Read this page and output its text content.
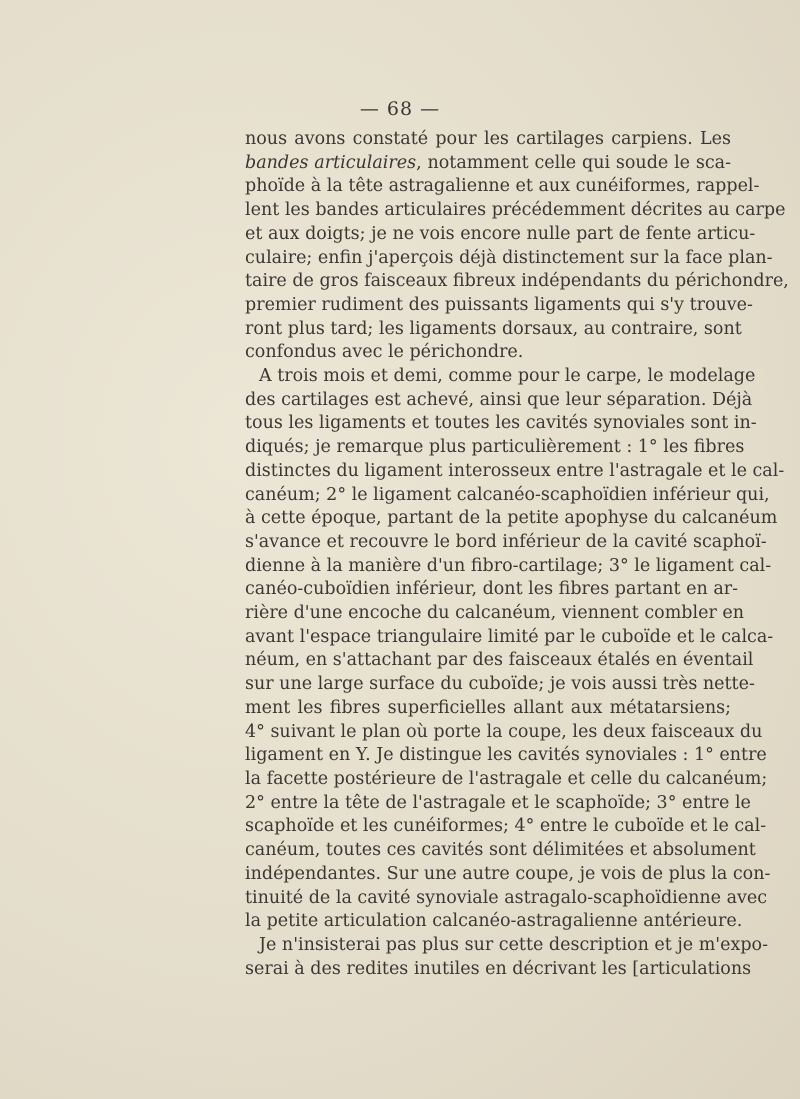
— 68 —
nous avons constaté pour les cartilages carpiens. Les
bandes articulaires, notamment celle qui soude le sca-
phoïde à la tête astragalienne et aux cunéiformes, rappel-
lent les bandes articulaires précédemment décrites au carpe
et aux doigts; je ne vois encore nulle part de fente articu-
culaire; enfin j'aperçois déjà distinctement sur la face plan-
taire de gros faisceaux fibreux indépendants du périchondre,
premier rudiment des puissants ligaments qui s'y trouve-
ront plus tard; les ligaments dorsaux, au contraire, sont
confondus avec le périchondre.
A trois mois et demi, comme pour le carpe, le modelage
des cartilages est achevé, ainsi que leur séparation. Déjà
tous les ligaments et toutes les cavités synoviales sont in-
diqués; je remarque plus particulièrement : 1° les fibres
distinctes du ligament interosseux entre l'astragale et le cal-
canéum; 2° le ligament calcanéo-scaphoïdien inférieur qui,
à cette époque, partant de la petite apophyse du calcanéum
s'avance et recouvre le bord inférieur de la cavité scaphoï-
dienne à la manière d'un fibro-cartilage; 3° le ligament cal-
canéo-cuboïdien inférieur, dont les fibres partant en ar-
rière d'une encoche du calcanéum, viennent combler en
avant l'espace triangulaire limité par le cuboïde et le calca-
néum, en s'attachant par des faisceaux étalés en éventail
sur une large surface du cuboïde; je vois aussi très nette-
ment les fibres superficielles allant aux métatarsiens;
4° suivant le plan où porte la coupe, les deux faisceaux du
ligament en Y. Je distingue les cavités synoviales : 1° entre
la facette postérieure de l'astragale et celle du calcanéum;
2° entre la tête de l'astragale et le scaphoïde; 3° entre le
scaphoïde et les cunéiformes; 4° entre le cuboïde et le cal-
canéum, toutes ces cavités sont délimitées et absolument
indépendantes. Sur une autre coupe, je vois de plus la con-
tinuité de la cavité synoviale astragalo-scaphoïdienne avec
la petite articulation calcanéo-astragalienne antérieure.
Je n'insisterai pas plus sur cette description et je m'expo-
serai à des redites inutiles en décrivant les [articulations
